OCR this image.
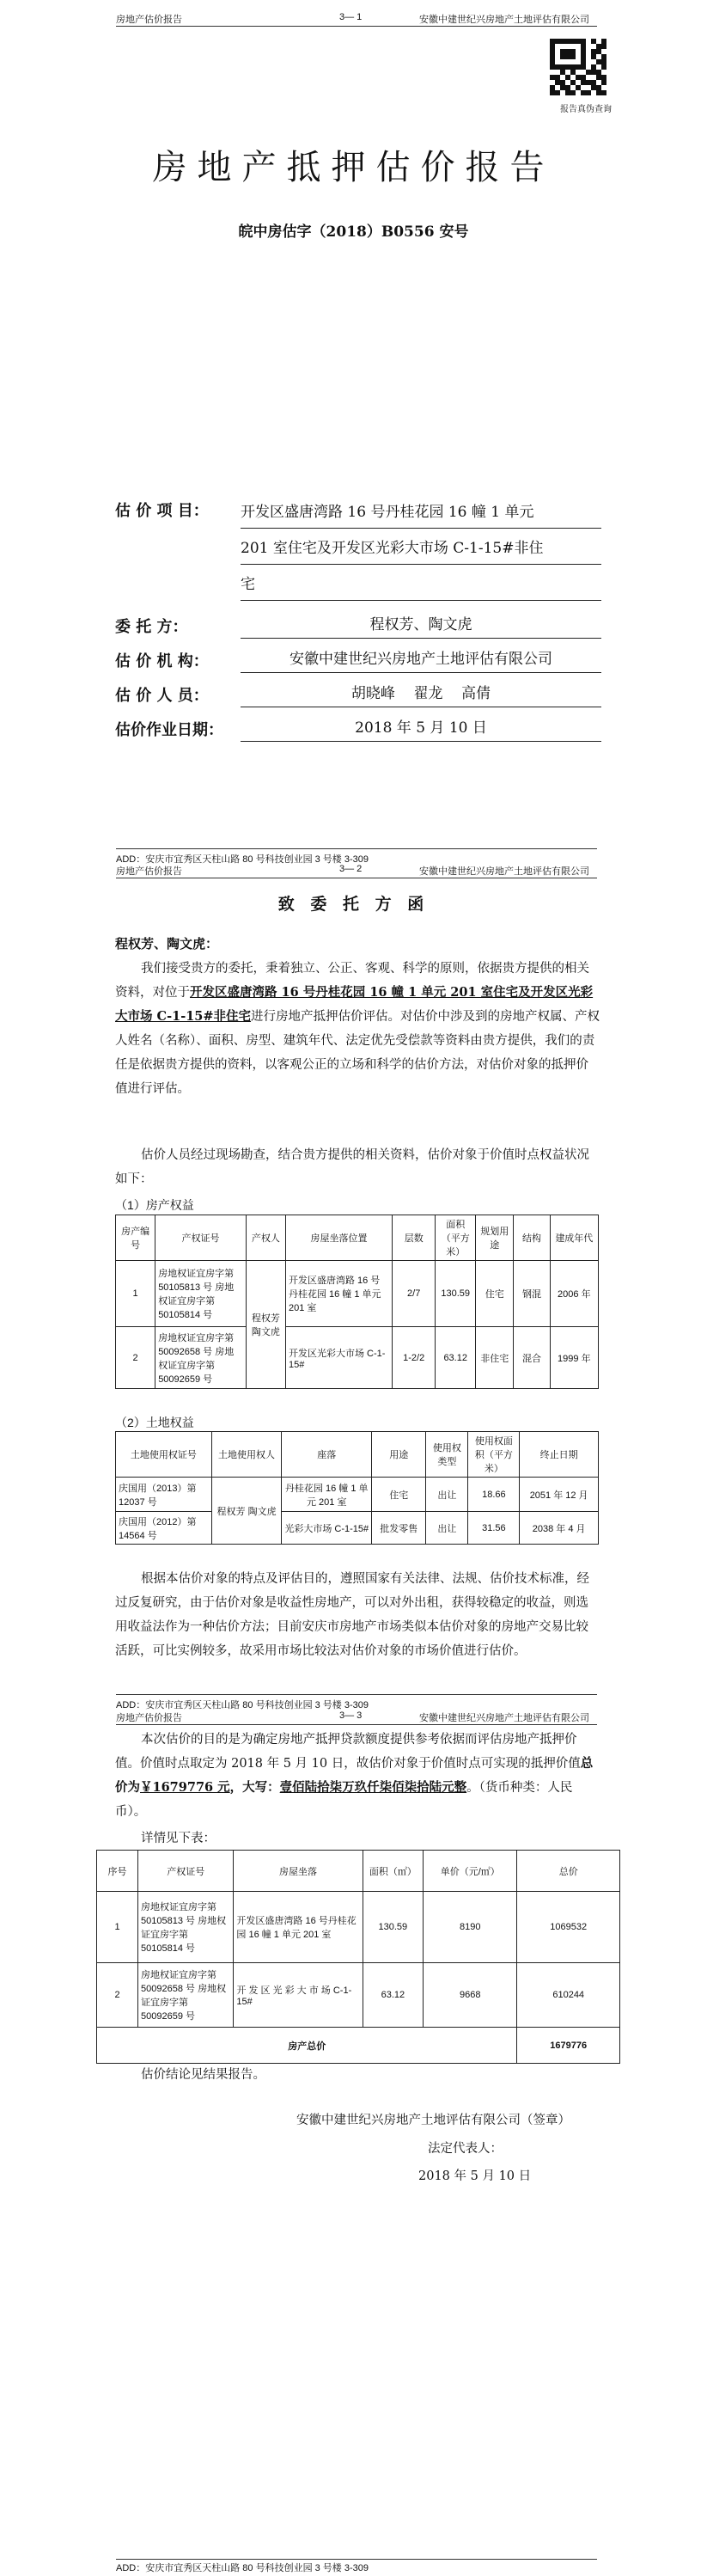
房地产估价报告	3— 1	安徽中建世纪兴房地产土地评估有限公司
报告真伪查询
房地产抵押估价报告
皖中房估字（2018）B0556 安号
估 价 项 目： 开发区盛唐湾路 16 号丹桂花园 16 幢 1 单元
201 室住宅及开发区光彩大市场 C-1-15#非住
宅
委 托 方：	程权芳、陶文虎
估 价 机 构：	安徽中建世纪兴房地产土地评估有限公司
估 价 人 员：	胡晓峰    翟龙    高倩
估价作业日期：	2018 年 5 月 10 日
ADD：安庆市宜秀区天柱山路 80 号科技创业园 3 号楼 3-309
房地产估价报告	3— 2	安徽中建世纪兴房地产土地评估有限公司
致 委 托 方 函
程权芳、陶文虎：

我们接受贵方的委托，秉着独立、公正、客观、科学的原则，依据贵方提供的相关资料，对位于开发区盛唐湾路 16 号丹桂花园 16 幢 1 单元 201 室住宅及开发区光彩大市场 C-1-15#非住宅进行房地产抵押估价评估。对估价中涉及到的房地产权属、产权人姓名（名称）、面积、房型、建筑年代、法定优先受偿款等资料由贵方提供，我们的责任是依据贵方提供的资料，以客观公正的立场和科学的估价方法，对估价对象的抵押价值进行评估。

估价人员经过现场勘查，结合贵方提供的相关资料，估价对象于价值时点权益状况如下：

（1）房产权益
房产编号	产权证号	产权人	房屋坐落位置	层数	面积（平方米）	规划用途	结构	建成年代
1	房地权证宜房字第 50105813 号 房地权证宜房字第 50105814 号	程权芳 陶文虎	开发区盛唐湾路 16 号丹桂花园 16 幢 1 单元 201 室	2/7	130.59	住宅	钢混	2006 年
2	房地权证宜房字第 50092658 号 房地权证宜房字第 50092659 号		开发区光彩大市场 C-1-15#	1-2/2	63.12	非住宅	混合	1999 年
（2）土地权益
土地使用权证号	土地使用权人	座落	用途	使用权类型	使用权面积（平方米）	终止日期
庆国用（2013）第 12037 号	程权芳 陶文虎	丹桂花园 16 幢 1 单元 201 室	住宅	出让	18.66	2051 年 12 月
庆国用（2012）第 14564 号		光彩大市场 C-1-15#	批发零售	出让	31.56	2038 年 4 月

根据本估价对象的特点及评估目的，遵照国家有关法律、法规、估价技术标准，经过反复研究，由于估价对象是收益性房地产，可以对外出租，获得较稳定的收益，则选用收益法作为一种估价方法；目前安庆市房地产市场类似本估价对象的房地产交易比较活跃，可比实例较多，故采用市场比较法对估价对象的市场价值进行估价。

ADD：安庆市宜秀区天柱山路 80 号科技创业园 3 号楼 3-309
房地产估价报告	3— 3	安徽中建世纪兴房地产土地评估有限公司

本次估价的目的是为确定房地产抵押贷款额度提供参考依据而评估房地产抵押价值。价值时点取定为 2018 年 5 月 10 日，故估价对象于价值时点可实现的抵押价值总价为￥1679776 元，大写：壹佰陆拾柒万玖仟柒佰柒拾陆元整。（货币种类：人民币）。

详情见下表：
序号	产权证号	房屋坐落	面积（㎡）	单价（元/㎡）	总价
1	房地权证宜房字第 50105813 号 房地权证宜房字第 50105814 号	开发区盛唐湾路 16 号丹桂花园 16 幢 1 单元 201 室	130.59	8190	1069532
2	房地权证宜房字第 50092658 号 房地权证宜房字第 50092659 号	开 发 区 光 彩 大 市 场 C-1-15#	63.12	9668	610244
房产总价					1679776
估价结论见结果报告。
安徽中建世纪兴房地产土地评估有限公司（签章）
法定代表人：
2018 年 5 月 10 日
ADD：安庆市宜秀区天柱山路 80 号科技创业园 3 号楼 3-309
